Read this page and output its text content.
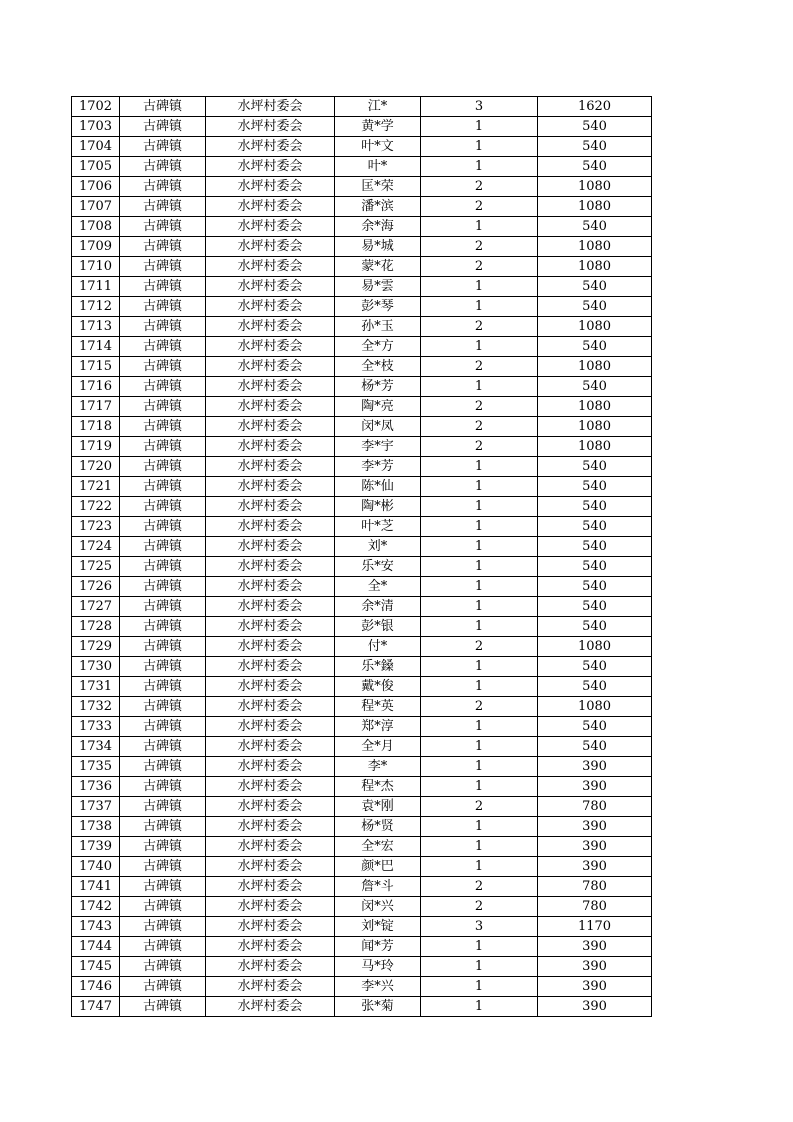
1702	古碑镇	水坪村委会	江*	3	1620
1703	古碑镇	水坪村委会	黄*学	1	540
1704	古碑镇	水坪村委会	叶*文	1	540
1705	古碑镇	水坪村委会	叶*	1	540
1706	古碑镇	水坪村委会	匡*荣	2	1080
1707	古碑镇	水坪村委会	潘*滨	2	1080
1708	古碑镇	水坪村委会	余*海	1	540
1709	古碑镇	水坪村委会	易*城	2	1080
1710	古碑镇	水坪村委会	蒙*花	2	1080
1711	古碑镇	水坪村委会	易*雲	1	540
1712	古碑镇	水坪村委会	彭*琴	1	540
1713	古碑镇	水坪村委会	孙*玉	2	1080
1714	古碑镇	水坪村委会	全*方	1	540
1715	古碑镇	水坪村委会	全*枝	2	1080
1716	古碑镇	水坪村委会	杨*芳	1	540
1717	古碑镇	水坪村委会	陶*亮	2	1080
1718	古碑镇	水坪村委会	闵*凤	2	1080
1719	古碑镇	水坪村委会	李*宇	2	1080
1720	古碑镇	水坪村委会	李*芳	1	540
1721	古碑镇	水坪村委会	陈*仙	1	540
1722	古碑镇	水坪村委会	陶*彬	1	540
1723	古碑镇	水坪村委会	叶*芝	1	540
1724	古碑镇	水坪村委会	刘*	1	540
1725	古碑镇	水坪村委会	乐*安	1	540
1726	古碑镇	水坪村委会	全*	1	540
1727	古碑镇	水坪村委会	余*清	1	540
1728	古碑镇	水坪村委会	彭*银	1	540
1729	古碑镇	水坪村委会	付*	2	1080
1730	古碑镇	水坪村委会	乐*鎟	1	540
1731	古碑镇	水坪村委会	戴*俊	1	540
1732	古碑镇	水坪村委会	程*英	2	1080
1733	古碑镇	水坪村委会	郑*淳	1	540
1734	古碑镇	水坪村委会	全*月	1	540
1735	古碑镇	水坪村委会	李*	1	390
1736	古碑镇	水坪村委会	程*杰	1	390
1737	古碑镇	水坪村委会	袁*刚	2	780
1738	古碑镇	水坪村委会	杨*贤	1	390
1739	古碑镇	水坪村委会	全*宏	1	390
1740	古碑镇	水坪村委会	颜*巴	1	390
1741	古碑镇	水坪村委会	詹*斗	2	780
1742	古碑镇	水坪村委会	闵*兴	2	780
1743	古碑镇	水坪村委会	刘*锭	3	1170
1744	古碑镇	水坪村委会	闻*芳	1	390
1745	古碑镇	水坪村委会	马*玲	1	390
1746	古碑镇	水坪村委会	李*兴	1	390
1747	古碑镇	水坪村委会	张*菊	1	390
